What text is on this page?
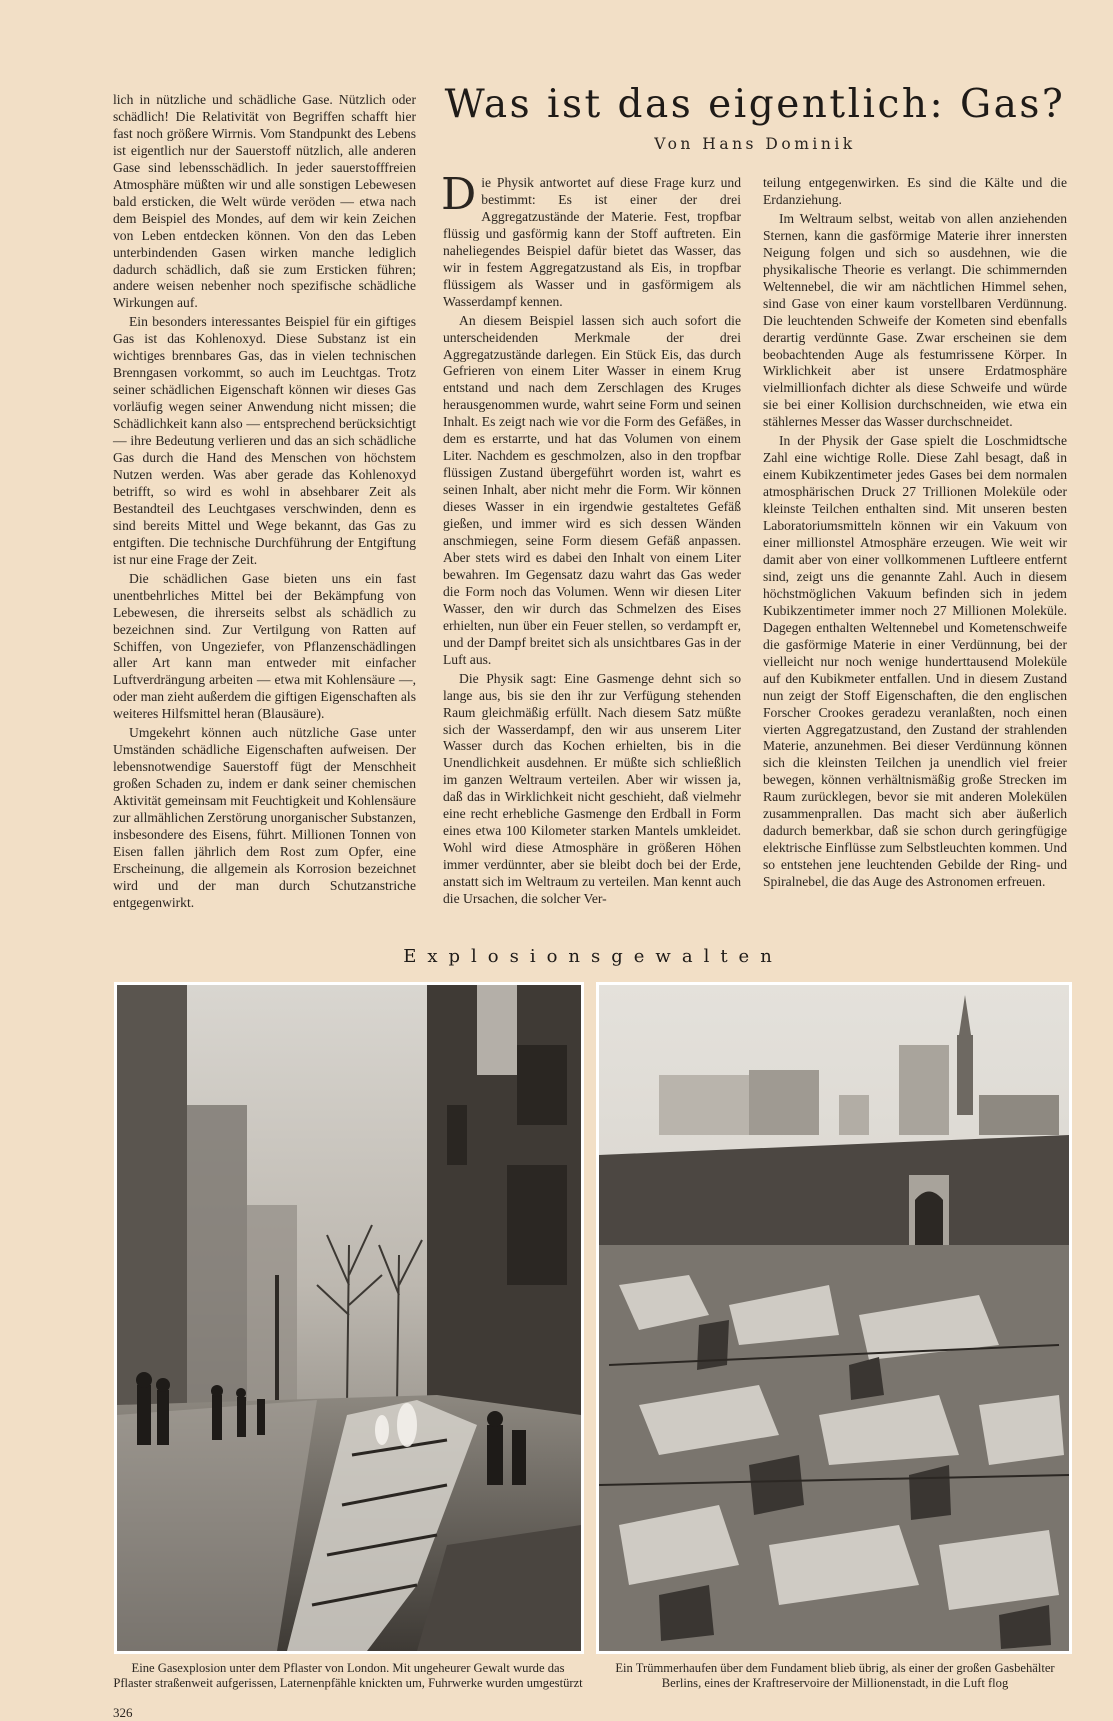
lich in nützliche und schädliche Gase. Nützlich oder schädlich! Die Relativität von Begriffen schafft hier fast noch größere Wirrnis. Vom Standpunkt des Lebens ist eigentlich nur der Sauerstoff nützlich, alle anderen Gase sind lebensschädlich. In jeder sauerstofffreien Atmosphäre müßten wir und alle sonstigen Lebewesen bald ersticken, die Welt würde veröden — etwa nach dem Beispiel des Mondes, auf dem wir kein Zeichen von Leben entdecken können. Von den das Leben unterbindenden Gasen wirken manche lediglich dadurch schädlich, daß sie zum Ersticken führen; andere weisen nebenher noch spezifische schädliche Wirkungen auf.

Ein besonders interessantes Beispiel für ein giftiges Gas ist das Kohlenoxyd. Diese Substanz ist ein wichtiges brennbares Gas, das in vielen technischen Brenngasen vorkommt, so auch im Leuchtgas. Trotz seiner schädlichen Eigenschaft können wir dieses Gas vorläufig wegen seiner Anwendung nicht missen; die Schädlichkeit kann also — entsprechend berücksichtigt — ihre Bedeutung verlieren und das an sich schädliche Gas durch die Hand des Menschen von höchstem Nutzen werden. Was aber gerade das Kohlenoxyd betrifft, so wird es wohl in absehbarer Zeit als Bestandteil des Leuchtgases verschwinden, denn es sind bereits Mittel und Wege bekannt, das Gas zu entgiften. Die technische Durchführung der Entgiftung ist nur eine Frage der Zeit.

Die schädlichen Gase bieten uns ein fast unentbehrliches Mittel bei der Bekämpfung von Lebewesen, die ihrerseits selbst als schädlich zu bezeichnen sind. Zur Vertilgung von Ratten auf Schiffen, von Ungeziefer, von Pflanzenschädlingen aller Art kann man entweder mit einfacher Luftverdrängung arbeiten — etwa mit Kohlensäure —, oder man zieht außerdem die giftigen Eigenschaften als weiteres Hilfsmittel heran (Blausäure).

Umgekehrt können auch nützliche Gase unter Umständen schädliche Eigenschaften aufweisen. Der lebensnotwendige Sauerstoff fügt der Menschheit großen Schaden zu, indem er dank seiner chemischen Aktivität gemeinsam mit Feuchtigkeit und Kohlensäure zur allmählichen Zerstörung unorganischer Substanzen, insbesondere des Eisens, führt. Millionen Tonnen von Eisen fallen jährlich dem Rost zum Opfer, eine Erscheinung, die allgemein als Korrosion bezeichnet wird und der man durch Schutzanstriche entgegenwirkt.

Was ist das eigentlich: Gas?
Von Hans Dominik

Die Physik antwortet auf diese Frage kurz und bestimmt: Es ist einer der drei Aggregatzustände der Materie. Fest, tropfbar flüssig und gasförmig kann der Stoff auftreten. Ein naheliegendes Beispiel dafür bietet das Wasser, das wir in festem Aggregatzustand als Eis, in tropfbar flüssigem als Wasser und in gasförmigem als Wasserdampf kennen.

An diesem Beispiel lassen sich auch sofort die unterscheidenden Merkmale der drei Aggregatzustände darlegen. Ein Stück Eis, das durch Gefrieren von einem Liter Wasser in einem Krug entstand und nach dem Zerschlagen des Kruges herausgenommen wurde, wahrt seine Form und seinen Inhalt. Es zeigt nach wie vor die Form des Gefäßes, in dem es erstarrte, und hat das Volumen von einem Liter. Nachdem es geschmolzen, also in den tropfbar flüssigen Zustand übergeführt worden ist, wahrt es seinen Inhalt, aber nicht mehr die Form. Wir können dieses Wasser in ein irgendwie gestaltetes Gefäß gießen, und immer wird es sich dessen Wänden anschmiegen, seine Form diesem Gefäß anpassen. Aber stets wird es dabei den Inhalt von einem Liter bewahren. Im Gegensatz dazu wahrt das Gas weder die Form noch das Volumen. Wenn wir diesen Liter Wasser, den wir durch das Schmelzen des Eises erhielten, nun über ein Feuer stellen, so verdampft er, und der Dampf breitet sich als unsichtbares Gas in der Luft aus.

Die Physik sagt: Eine Gasmenge dehnt sich so lange aus, bis sie den ihr zur Verfügung stehenden Raum gleichmäßig erfüllt. Nach diesem Satz müßte sich der Wasserdampf, den wir aus unserem Liter Wasser durch das Kochen erhielten, bis in die Unendlichkeit ausdehnen. Er müßte sich schließlich im ganzen Weltraum verteilen. Aber wir wissen ja, daß das in Wirklichkeit nicht geschieht, daß vielmehr eine recht erhebliche Gasmenge den Erdball in Form eines etwa 100 Kilometer starken Mantels umkleidet. Wohl wird diese Atmosphäre in größeren Höhen immer verdünnter, aber sie bleibt doch bei der Erde, anstatt sich im Weltraum zu verteilen. Man kennt auch die Ursachen, die solcher Ver-

teilung entgegenwirken. Es sind die Kälte und die Erdanziehung.

Im Weltraum selbst, weitab von allen anziehenden Sternen, kann die gasförmige Materie ihrer innersten Neigung folgen und sich so ausdehnen, wie die physikalische Theorie es verlangt. Die schimmernden Weltennebel, die wir am nächtlichen Himmel sehen, sind Gase von einer kaum vorstellbaren Verdünnung. Die leuchtenden Schweife der Kometen sind ebenfalls derartig verdünnte Gase. Zwar erscheinen sie dem beobachtenden Auge als festumrissene Körper. In Wirklichkeit aber ist unsere Erdatmosphäre vielmillionfach dichter als diese Schweife und würde sie bei einer Kollision durchschneiden, wie etwa ein stählernes Messer das Wasser durchschneidet.

In der Physik der Gase spielt die Loschmidtsche Zahl eine wichtige Rolle. Diese Zahl besagt, daß in einem Kubikzentimeter jedes Gases bei dem normalen atmosphärischen Druck 27 Trillionen Moleküle oder kleinste Teilchen enthalten sind. Mit unseren besten Laboratoriumsmitteln können wir ein Vakuum von einer millionstel Atmosphäre erzeugen. Wie weit wir damit aber von einer vollkommenen Luftleere entfernt sind, zeigt uns die genannte Zahl. Auch in diesem höchstmöglichen Vakuum befinden sich in jedem Kubikzentimeter immer noch 27 Millionen Moleküle. Dagegen enthalten Weltennebel und Kometenschweife die gasförmige Materie in einer Verdünnung, bei der vielleicht nur noch wenige hunderttausend Moleküle auf den Kubikmeter entfallen. Und in diesem Zustand nun zeigt der Stoff Eigenschaften, die den englischen Forscher Crookes geradezu veranlaßten, noch einen vierten Aggregatzustand, den Zustand der strahlenden Materie, anzunehmen. Bei dieser Verdünnung können sich die kleinsten Teilchen ja unendlich viel freier bewegen, können verhältnismäßig große Strecken im Raum zurücklegen, bevor sie mit anderen Molekülen zusammenprallen. Das macht sich aber äußerlich dadurch bemerkbar, daß sie schon durch geringfügige elektrische Einflüsse zum Selbstleuchten kommen. Und so entstehen jene leuchtenden Gebilde der Ring- und Spiralnebel, die das Auge des Astronomen erfreuen.

Explosionsgewalten
Eine Gasexplosion unter dem Pflaster von London. Mit ungeheurer Gewalt wurde das Pflaster straßenweit aufgerissen, Laternenpfähle knickten um, Fuhrwerke wurden umgestürzt
Ein Trümmerhaufen über dem Fundament blieb übrig, als einer der großen Gasbehälter Berlins, eines der Kraftreservoire der Millionenstadt, in die Luft flog
326
